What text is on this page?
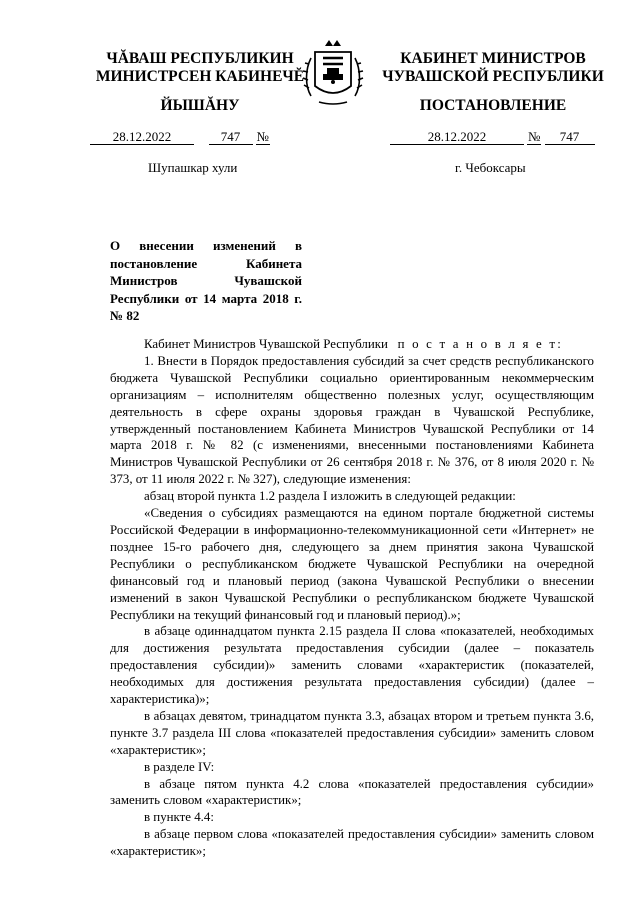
ЧĂВАШ РЕСПУБЛИКИН
МИНИСТРСЕН КАБИНЕЧĔ
ЙЫШĂНУ
КАБИНЕТ МИНИСТРОВ
ЧУВАШСКОЙ РЕСПУБЛИКИ
ПОСТАНОВЛЕНИЕ
28.12.2022	747 №	28.12.2022	№ 747
Шупашкар хули	г. Чебоксары
О внесении изменений в постановление Кабинета Министров Чувашской Республики от 14 марта 2018 г. № 82

Кабинет Министров Чувашской Республики п о с т а н о в л я е т:

1. Внести в Порядок предоставления субсидий за счет средств республиканского бюджета Чувашской Республики социально ориентированным некоммерческим организациям – исполнителям общественно полезных услуг, осуществляющим деятельность в сфере охраны здоровья граждан в Чувашской Республике, утвержденный постановлением Кабинета Министров Чувашской Республики от 14 марта 2018 г. № 82 (с изменениями, внесенными постановлениями Кабинета Министров Чувашской Республики от 26 сентября 2018 г. № 376, от 8 июля 2020 г. № 373, от 11 июля 2022 г. № 327), следующие изменения:

абзац второй пункта 1.2 раздела I изложить в следующей редакции:

«Сведения о субсидиях размещаются на едином портале бюджетной системы Российской Федерации в информационно-телекоммуникационной сети «Интернет» не позднее 15-го рабочего дня, следующего за днем принятия закона Чувашской Республики о республиканском бюджете Чувашской Республики на очередной финансовый год и плановый период (закона Чувашской Республики о внесении изменений в закон Чувашской Республики о республиканском бюджете Чувашской Республики на текущий финансовый год и плановый период).»;

в абзаце одиннадцатом пункта 2.15 раздела II слова «показателей, необходимых для достижения результата предоставления субсидии (далее – показатель предоставления субсидии)» заменить словами «характеристик (показателей, необходимых для достижения результата предоставления субсидии) (далее – характеристика)»;

в абзацах девятом, тринадцатом пункта 3.3, абзацах втором и третьем пункта 3.6, пункте 3.7 раздела III слова «показателей предоставления субсидии» заменить словом «характеристик»;

в разделе IV:

в абзаце пятом пункта 4.2 слова «показателей предоставления субсидии» заменить словом «характеристик»;

в пункте 4.4:

в абзаце первом слова «показателей предоставления субсидии» заменить словом «характеристик»;
